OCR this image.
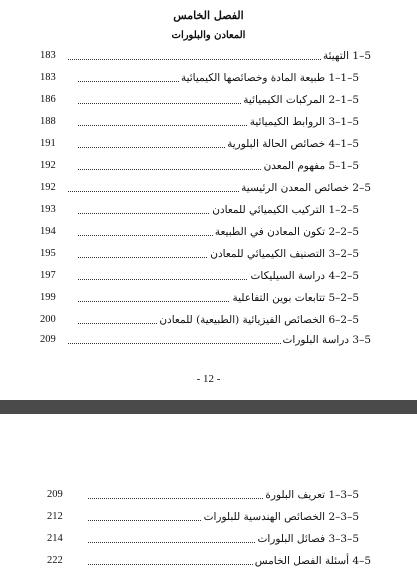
الفصل الخامس
المعادن والبلورات
5–1 التهيئة
183
5–1–1 طبيعة المادة وخصائصها الكيميائية
183
5–1–2 المركبات الكيميائية
186
5–1–3 الروابط الكيميائية
188
5–1–4 خصائص الحالة البلورية
191
5–1–5 مفهوم المعدن
192
5–2 خصائص المعدن الرئيسية
192
5–2–1 التركيب الكيميائي للمعادن
193
5–2–2 تكون المعادن في الطبيعة
194
5–2–3 التصنيف الكيميائي للمعادن
195
5–2–4 دراسة السيليكات
197
5–2–5 تتابعات بوين التفاعلية
199
5–2–6 الخصائص الفيزيائية (الطبيعية) للمعادن
200
5–3 دراسة البلورات
209
- 12 -
5–3–1 تعريف البلورة
209
5–3–2 الخصائص الهندسية للبلورات
212
5–3–3 فصائل البلورات
214
5–4 أسئلة الفصل الخامس
222
